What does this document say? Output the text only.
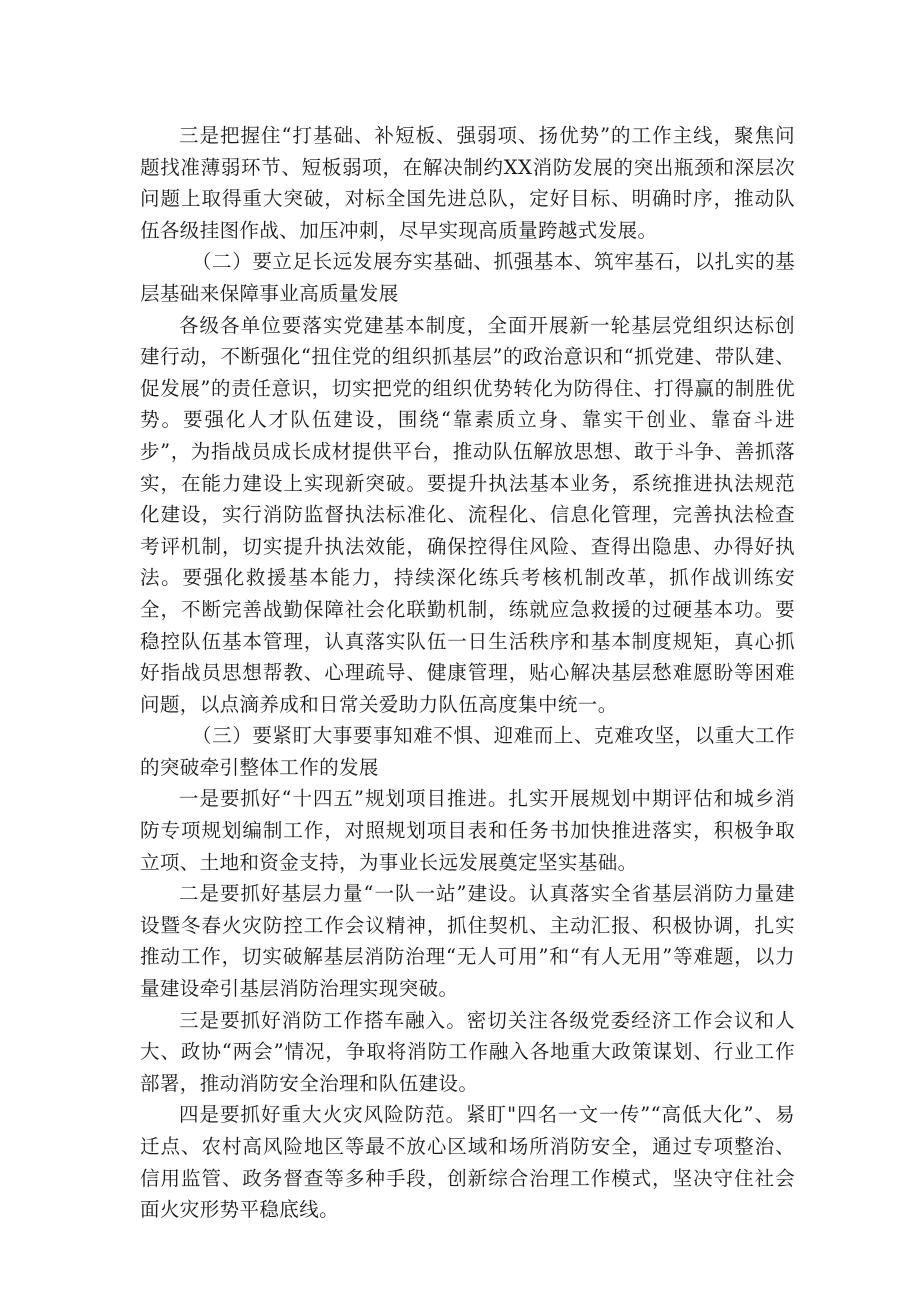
三是把握住“打基础、补短板、强弱项、扬优势”的工作主线，聚焦问题找准薄弱环节、短板弱项，在解决制约XX消防发展的突出瓶颈和深层次问题上取得重大突破，对标全国先进总队，定好目标、明确时序，推动队伍各级挂图作战、加压冲刺，尽早实现高质量跨越式发展。

（二）要立足长远发展夯实基础、抓强基本、筑牢基石，以扎实的基层基础来保障事业高质量发展

各级各单位要落实党建基本制度，全面开展新一轮基层党组织达标创建行动，不断强化“扭住党的组织抓基层”的政治意识和“抓党建、带队建、促发展”的责任意识，切实把党的组织优势转化为防得住、打得赢的制胜优势。要强化人才队伍建设，围绕“靠素质立身、靠实干创业、靠奋斗进步”，为指战员成长成材提供平台，推动队伍解放思想、敢于斗争、善抓落实，在能力建设上实现新突破。要提升执法基本业务，系统推进执法规范化建设，实行消防监督执法标准化、流程化、信息化管理，完善执法检查考评机制，切实提升执法效能，确保控得住风险、查得出隐患、办得好执法。要强化救援基本能力，持续深化练兵考核机制改革，抓作战训练安全，不断完善战勤保障社会化联勤机制，练就应急救援的过硬基本功。要稳控队伍基本管理，认真落实队伍一日生活秩序和基本制度规矩，真心抓好指战员思想帮教、心理疏导、健康管理，贴心解决基层愁难愿盼等困难问题，以点滴养成和日常关爱助力队伍高度集中统一。

（三）要紧盯大事要事知难不惧、迎难而上、克难攻坚，以重大工作的突破牵引整体工作的发展

一是要抓好“十四五”规划项目推进。扎实开展规划中期评估和城乡消防专项规划编制工作，对照规划项目表和任务书加快推进落实，积极争取立项、土地和资金支持，为事业长远发展奠定坚实基础。

二是要抓好基层力量“一队一站”建设。认真落实全省基层消防力量建设暨冬春火灾防控工作会议精神，抓住契机、主动汇报、积极协调，扎实推动工作，切实破解基层消防治理“无人可用”和“有人无用”等难题，以力量建设牵引基层消防治理实现突破。

三是要抓好消防工作搭车融入。密切关注各级党委经济工作会议和人大、政协“两会”情况，争取将消防工作融入各地重大政策谋划、行业工作部署，推动消防安全治理和队伍建设。

四是要抓好重大火灾风险防范。紧盯"四名一文一传”“高低大化”、易迁点、农村高风险地区等最不放心区域和场所消防安全，通过专项整治、信用监管、政务督查等多种手段，创新综合治理工作模式，坚决守住社会面火灾形势平稳底线。
